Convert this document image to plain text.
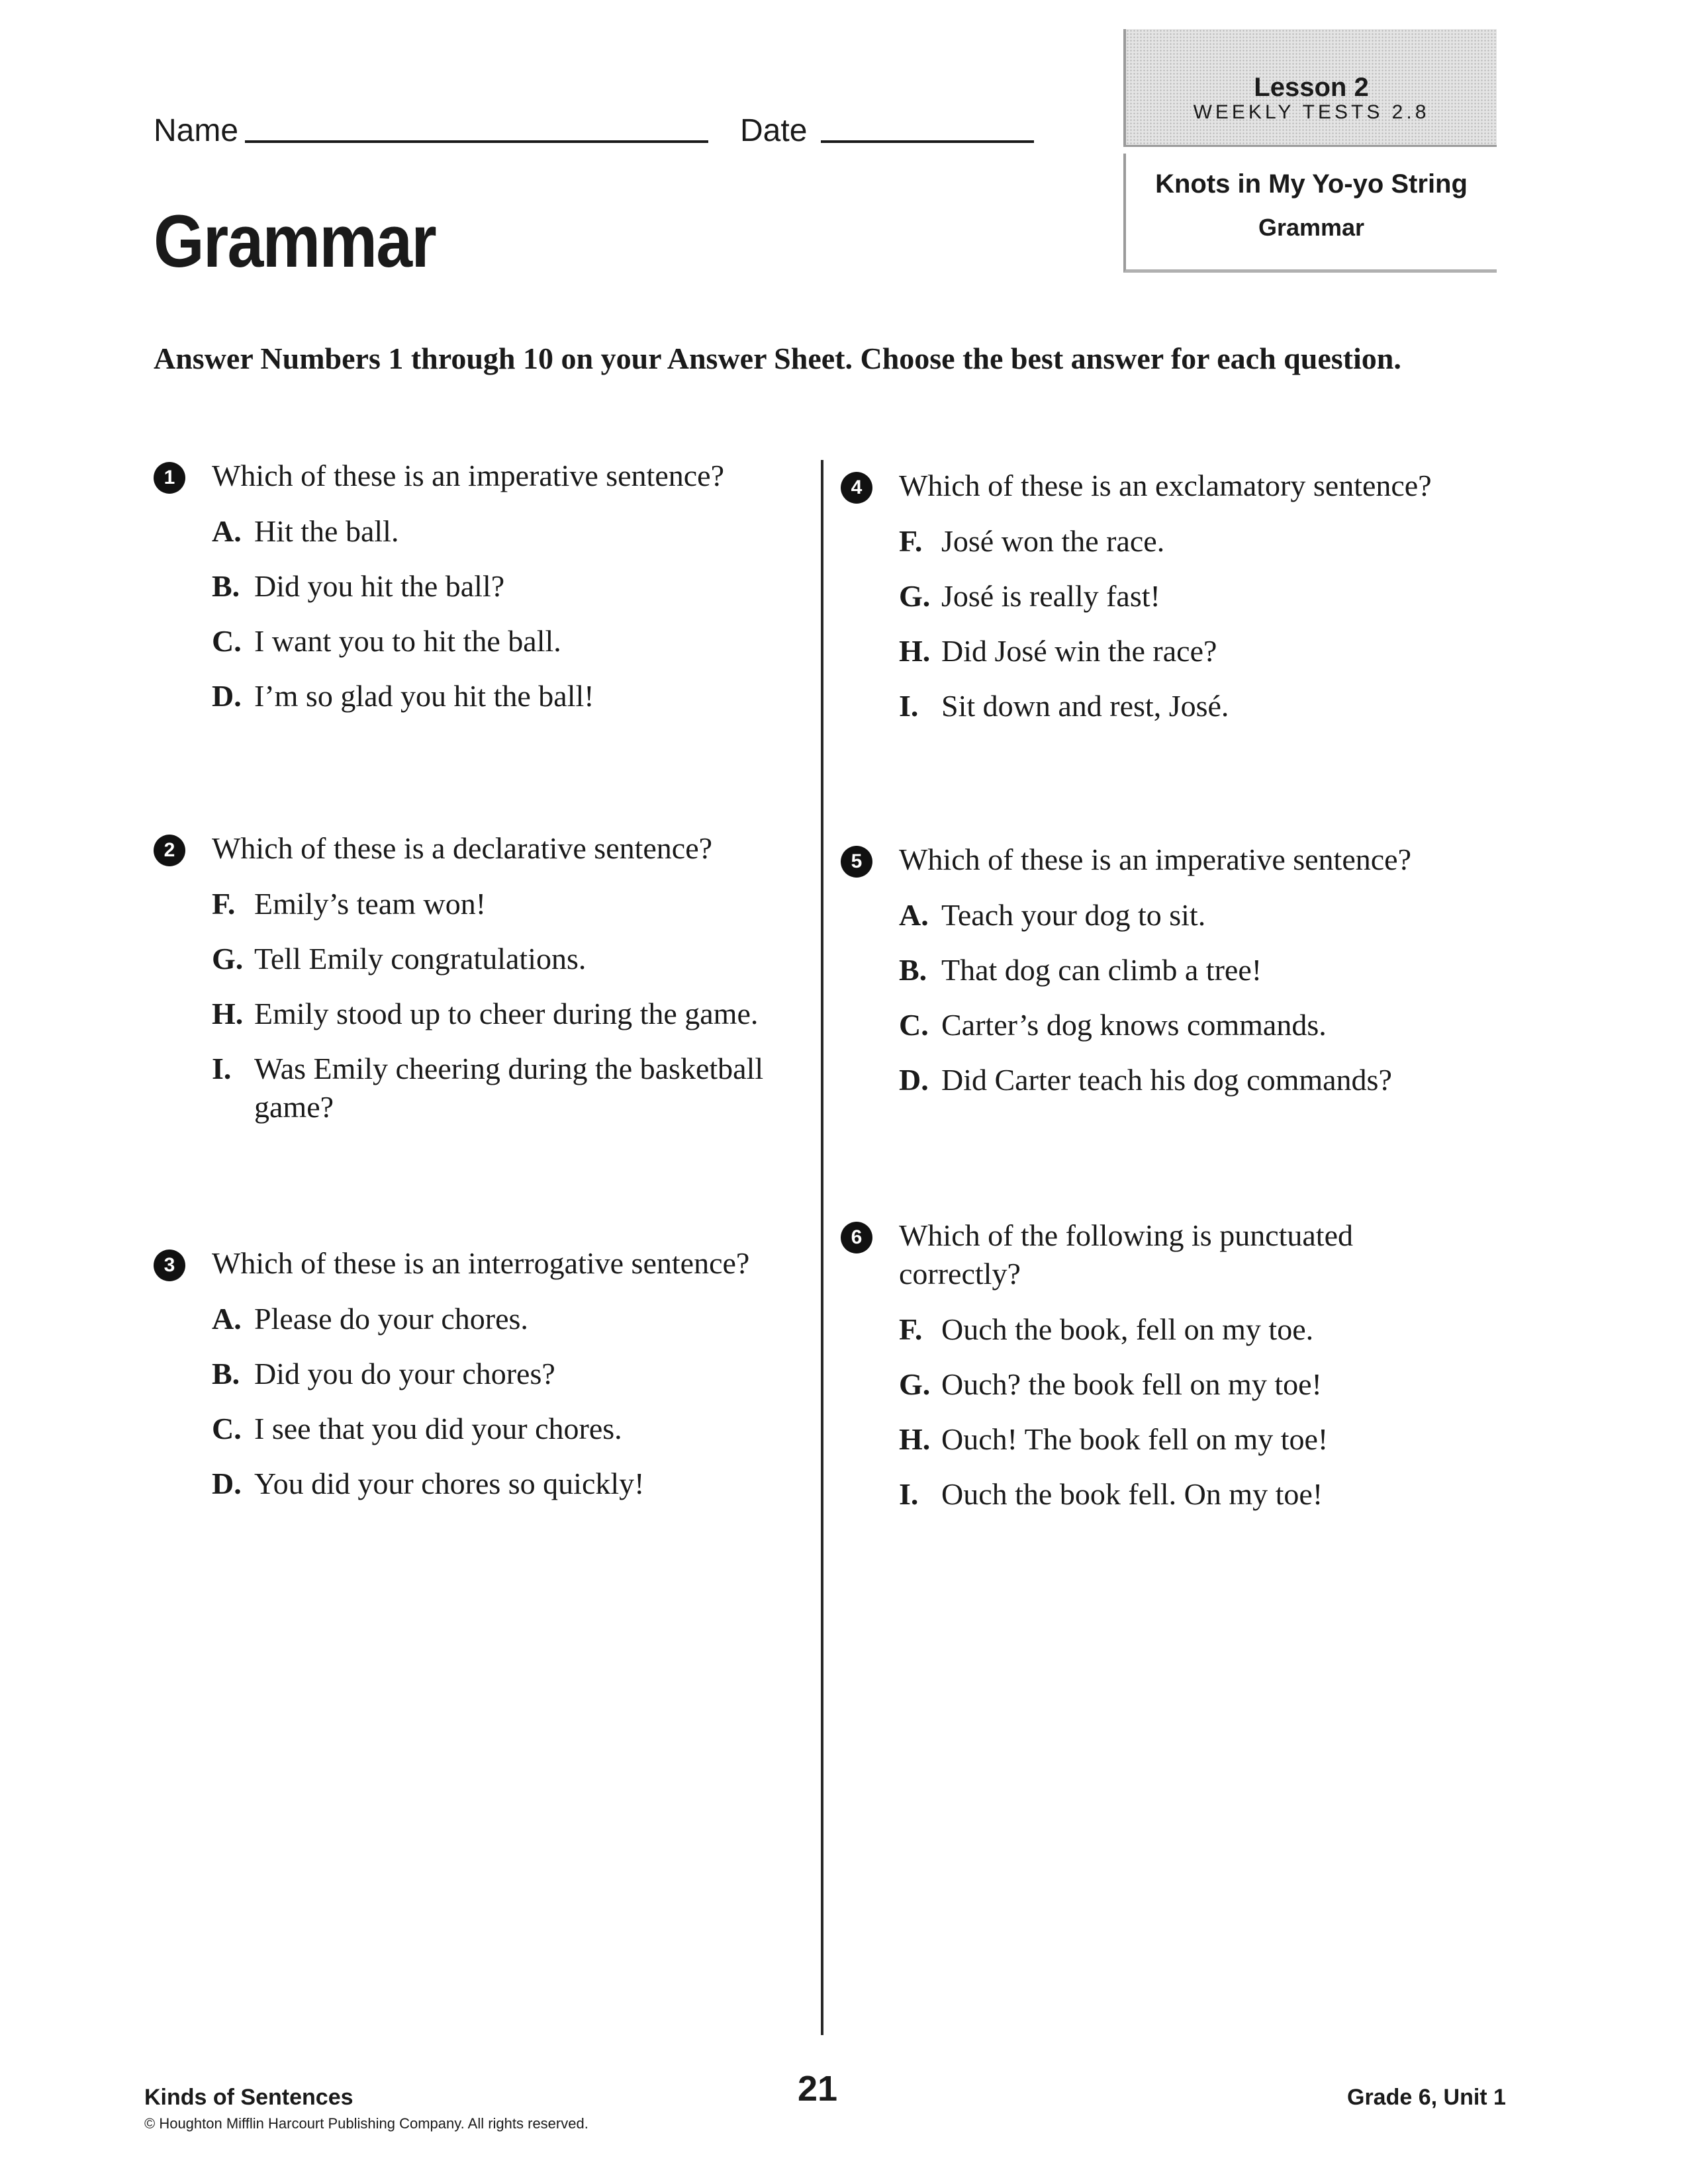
Name	Date
Grammar
Lesson 2
WEEKLY TESTS 2.8
Knots in My Yo-yo String
Grammar
Answer Numbers 1 through 10 on your Answer Sheet. Choose the best answer for each question.
1	Which of these is an imperative sentence?
A. Hit the ball.
B. Did you hit the ball?
C. I want you to hit the ball.
D. I’m so glad you hit the ball!
2	Which of these is a declarative sentence?
F. Emily’s team won!
G. Tell Emily congratulations.
H. Emily stood up to cheer during the game.
I. Was Emily cheering during the basketball game?
3	Which of these is an interrogative sentence?
A. Please do your chores.
B. Did you do your chores?
C. I see that you did your chores.
D. You did your chores so quickly!
4	Which of these is an exclamatory sentence?
F. José won the race.
G. José is really fast!
H. Did José win the race?
I. Sit down and rest, José.
5	Which of these is an imperative sentence?
A. Teach your dog to sit.
B. That dog can climb a tree!
C. Carter’s dog knows commands.
D. Did Carter teach his dog commands?
6	Which of the following is punctuated correctly?
F. Ouch the book, fell on my toe.
G. Ouch? the book fell on my toe!
H. Ouch! The book fell on my toe!
I. Ouch the book fell. On my toe!
Kinds of Sentences
© Houghton Mifflin Harcourt Publishing Company. All rights reserved.
21	Grade 6, Unit 1
